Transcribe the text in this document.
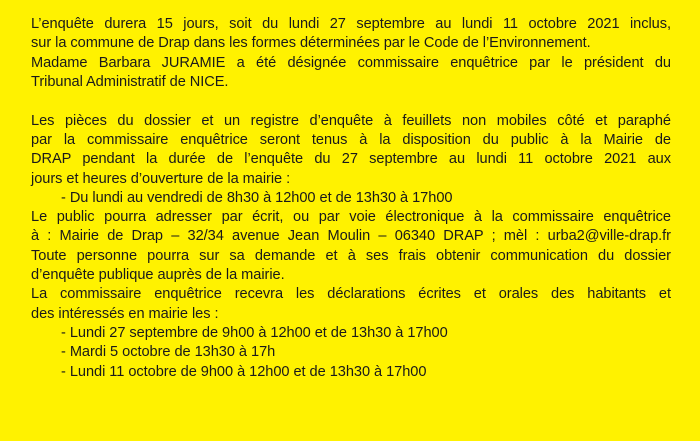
L’enquête durera 15 jours, soit du lundi 27 septembre au lundi 11 octobre 2021 inclus,
sur la commune de Drap dans les formes déterminées par le Code de l’Environnement.
Madame Barbara JURAMIE a été désignée commissaire enquêtrice par le président du
Tribunal Administratif de NICE.
Les pièces du dossier et un registre d’enquête à feuillets non mobiles côté et paraphé
par la commissaire enquêtrice seront tenus à la disposition du public à la Mairie de
DRAP pendant la durée de l’enquête du 27 septembre au lundi 11 octobre 2021 aux
jours et heures d’ouverture de la mairie :
- Du lundi au vendredi de 8h30 à 12h00 et de 13h30 à 17h00
Le public pourra adresser par écrit, ou par voie électronique à la commissaire enquêtrice
à : Mairie de Drap – 32/34 avenue Jean Moulin – 06340 DRAP ; mèl : urba2@ville-drap.fr
Toute personne pourra sur sa demande et à ses frais obtenir communication du dossier
d’enquête publique auprès de la mairie.
La commissaire enquêtrice recevra les déclarations écrites et orales des habitants et
des intéressés en mairie les :
- Lundi 27 septembre de 9h00 à 12h00 et de 13h30 à 17h00
- Mardi 5 octobre de 13h30 à 17h
- Lundi 11 octobre de 9h00 à 12h00 et de 13h30 à 17h00
